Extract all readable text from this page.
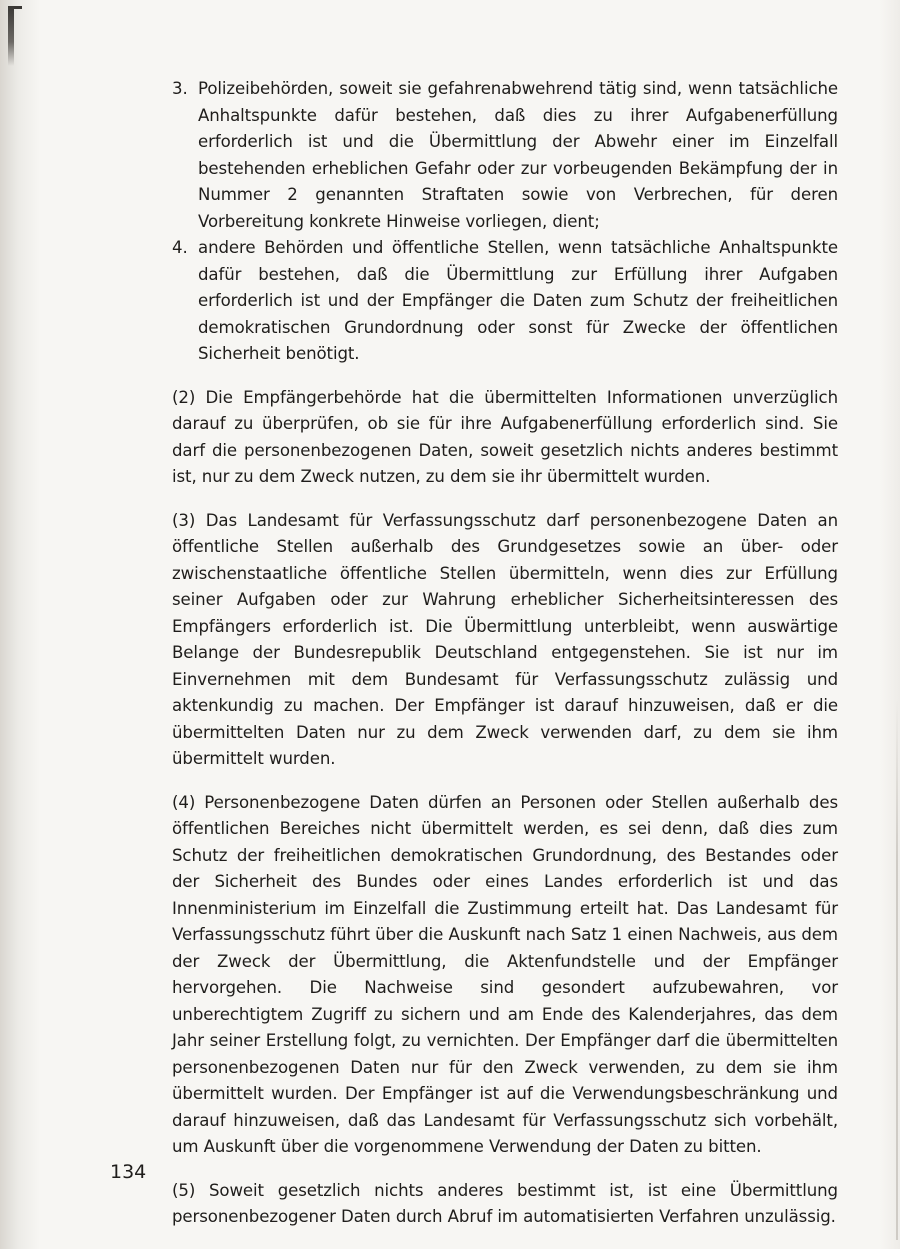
3. Polizeibehörden, soweit sie gefahrenabwehrend tätig sind, wenn tatsächliche Anhaltspunkte dafür bestehen, daß dies zu ihrer Aufgabenerfüllung erforderlich ist und die Übermittlung der Abwehr einer im Einzelfall bestehenden erheblichen Gefahr oder zur vorbeugenden Bekämpfung der in Nummer 2 genannten Straftaten sowie von Verbrechen, für deren Vorbereitung konkrete Hinweise vorliegen, dient;
4. andere Behörden und öffentliche Stellen, wenn tatsächliche Anhaltspunkte dafür bestehen, daß die Übermittlung zur Erfüllung ihrer Aufgaben erforderlich ist und der Empfänger die Daten zum Schutz der freiheitlichen demokratischen Grundordnung oder sonst für Zwecke der öffentlichen Sicherheit benötigt.

(2) Die Empfängerbehörde hat die übermittelten Informationen unverzüglich darauf zu überprüfen, ob sie für ihre Aufgabenerfüllung erforderlich sind. Sie darf die personenbezogenen Daten, soweit gesetzlich nichts anderes bestimmt ist, nur zu dem Zweck nutzen, zu dem sie ihr übermittelt wurden.

(3) Das Landesamt für Verfassungsschutz darf personenbezogene Daten an öffentliche Stellen außerhalb des Grundgesetzes sowie an über- oder zwischenstaatliche öffentliche Stellen übermitteln, wenn dies zur Erfüllung seiner Aufgaben oder zur Wahrung erheblicher Sicherheitsinteressen des Empfängers erforderlich ist. Die Übermittlung unterbleibt, wenn auswärtige Belange der Bundesrepublik Deutschland entgegenstehen. Sie ist nur im Einvernehmen mit dem Bundesamt für Verfassungsschutz zulässig und aktenkundig zu machen. Der Empfänger ist darauf hinzuweisen, daß er die übermittelten Daten nur zu dem Zweck verwenden darf, zu dem sie ihm übermittelt wurden.

(4) Personenbezogene Daten dürfen an Personen oder Stellen außerhalb des öffentlichen Bereiches nicht übermittelt werden, es sei denn, daß dies zum Schutz der freiheitlichen demokratischen Grundordnung, des Bestandes oder der Sicherheit des Bundes oder eines Landes erforderlich ist und das Innenministerium im Einzelfall die Zustimmung erteilt hat. Das Landesamt für Verfassungsschutz führt über die Auskunft nach Satz 1 einen Nachweis, aus dem der Zweck der Übermittlung, die Aktenfundstelle und der Empfänger hervorgehen. Die Nachweise sind gesondert aufzubewahren, vor unberechtigtem Zugriff zu sichern und am Ende des Kalenderjahres, das dem Jahr seiner Erstellung folgt, zu vernichten. Der Empfänger darf die übermittelten personenbezogenen Daten nur für den Zweck verwenden, zu dem sie ihm übermittelt wurden. Der Empfänger ist auf die Verwendungsbeschränkung und darauf hinzuweisen, daß das Landesamt für Verfassungsschutz sich vorbehält, um Auskunft über die vorgenommene Verwendung der Daten zu bitten.

(5) Soweit gesetzlich nichts anderes bestimmt ist, ist eine Übermittlung personenbezogener Daten durch Abruf im automatisierten Verfahren unzulässig.

134
